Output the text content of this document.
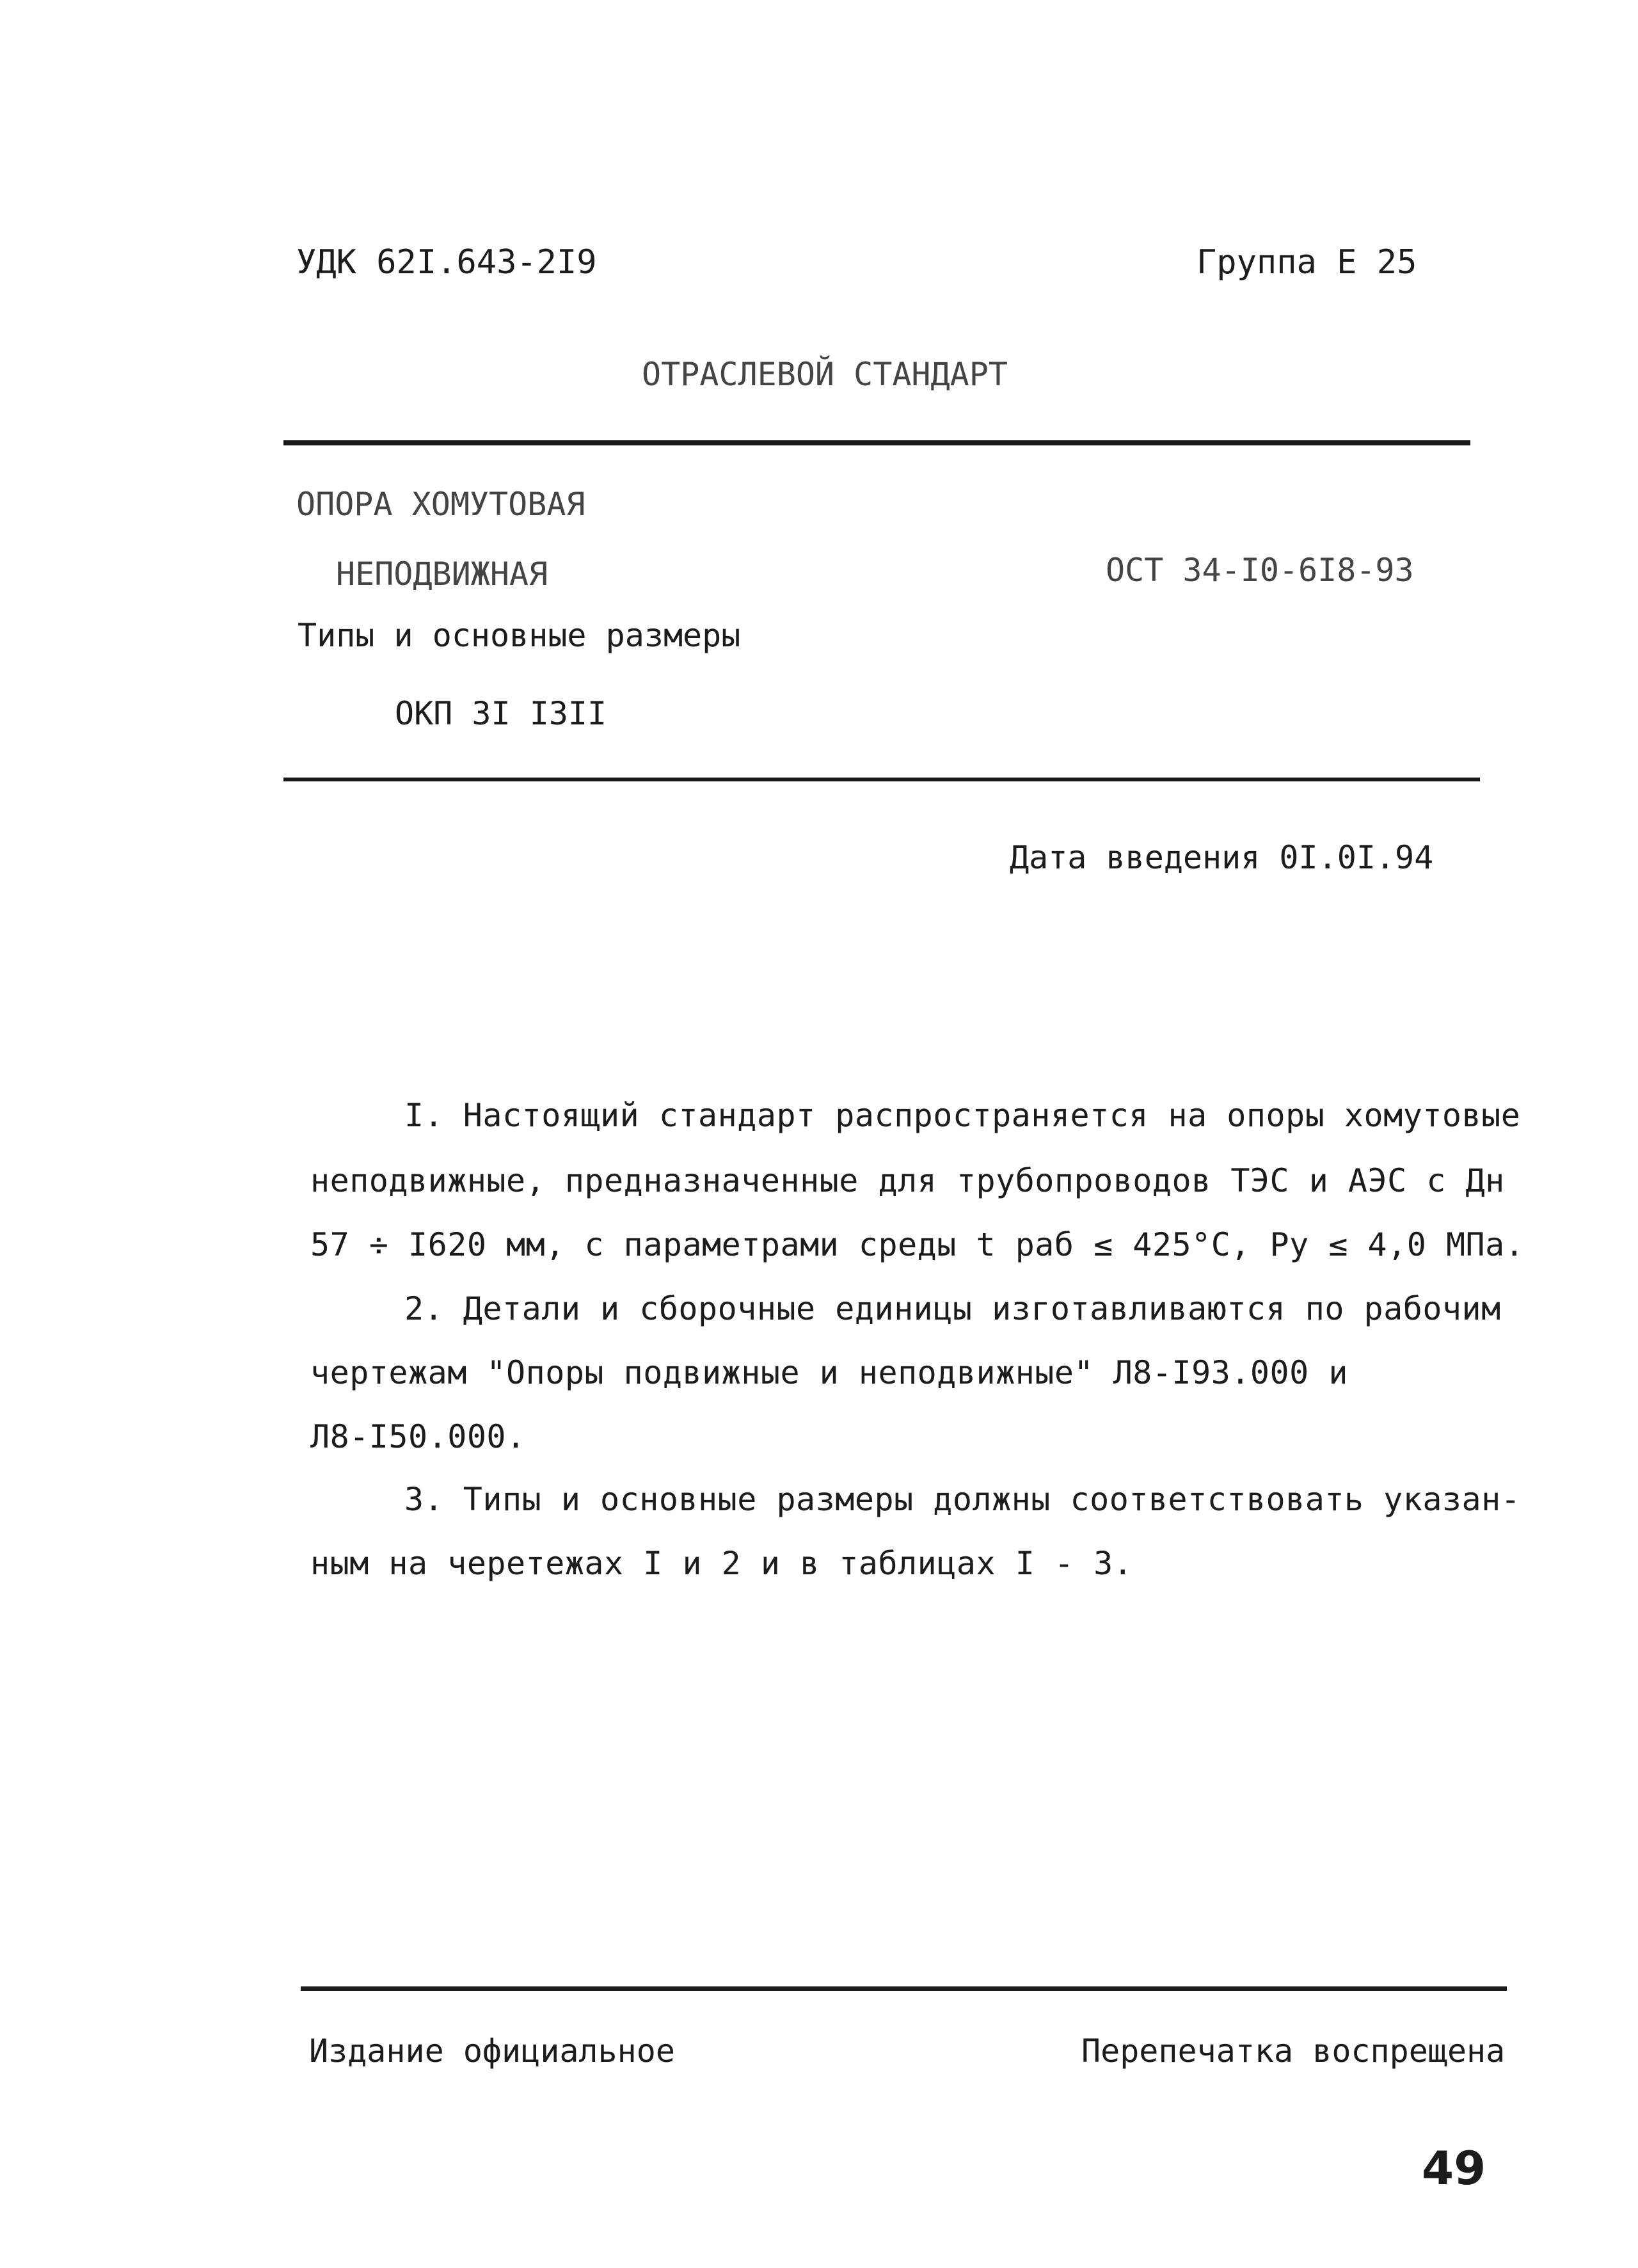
УДК 62I.643-2I9	Группа Е 25
ОТРАСЛЕВОЙ СТАНДАРТ
ОПОРА ХОМУТОВАЯ
НЕПОДВИЖНАЯ	ОСТ 34-I0-6I8-93
Типы и основные размеры
ОКП 3I I3II
Дата введения 0I.0I.94
I. Настоящий стандарт распространяется на опоры хомутовые
неподвижные, предназначенные для трубопроводов ТЭС и АЭС с Дн
57 ÷ I620 мм, с параметрами среды t раб ≤ 425°С, Ру ≤ 4,0 МПа.
2. Детали и сборочные единицы изготавливаются по рабочим
чертежам "Опоры подвижные и неподвижные" Л8-I93.000 и
Л8-I50.000.
3. Типы и основные размеры должны соответствовать указан-
ным на черетежах I и 2 и в таблицах I - 3.
Издание официальное	Перепечатка воспрещена
49
